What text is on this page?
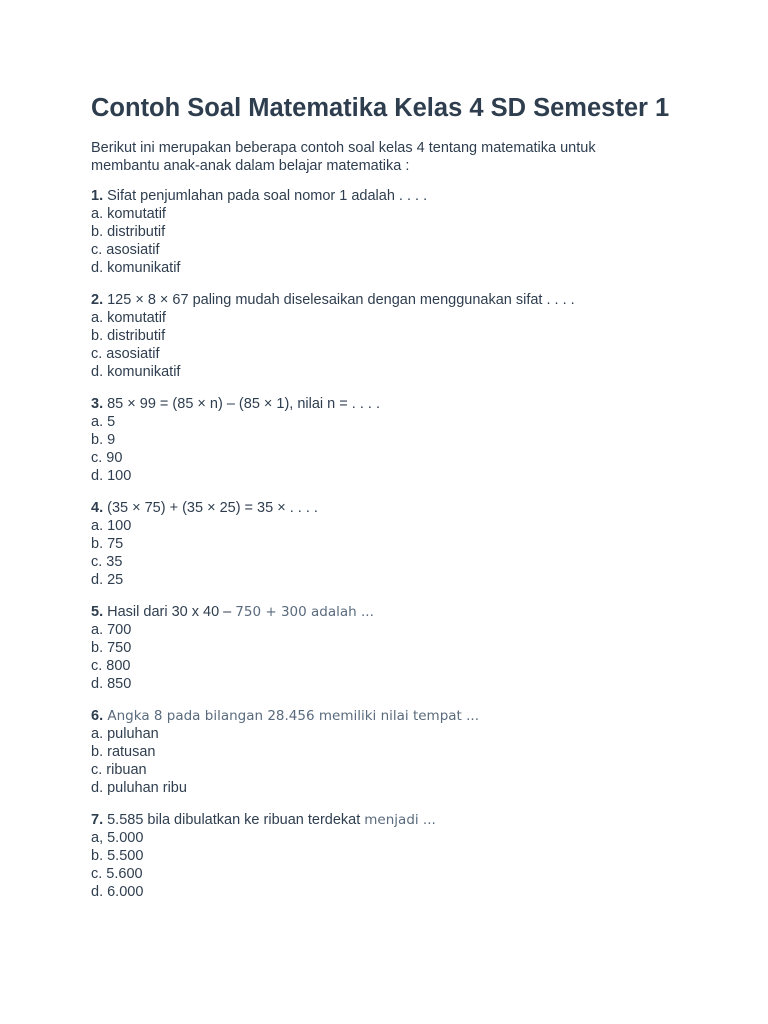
Contoh Soal Matematika Kelas 4 SD Semester 1

Berikut ini merupakan beberapa contoh soal kelas 4 tentang matematika untuk
membantu anak-anak dalam belajar matematika :

1. Sifat penjumlahan pada soal nomor 1 adalah . . . .
a. komutatif
b. distributif
c. asosiatif
d. komunikatif
2. 125 × 8 × 67 paling mudah diselesaikan dengan menggunakan sifat . . . .
a. komutatif
b. distributif
c. asosiatif
d. komunikatif
3. 85 × 99 = (85 × n) – (85 × 1), nilai n = . . . .
a. 5
b. 9
c. 90
d. 100
4. (35 × 75) + (35 × 25) = 35 × . . . .
a. 100
b. 75
c. 35
d. 25
5. Hasil dari 30 x 40 – 750 + 300 adalah ...
a. 700
b. 750
c. 800
d. 850
6. Angka 8 pada bilangan 28.456 memiliki nilai tempat ...
a. puluhan
b. ratusan
c. ribuan
d. puluhan ribu
7. 5.585 bila dibulatkan ke ribuan terdekat menjadi ...
a, 5.000
b. 5.500
c. 5.600
d. 6.000
